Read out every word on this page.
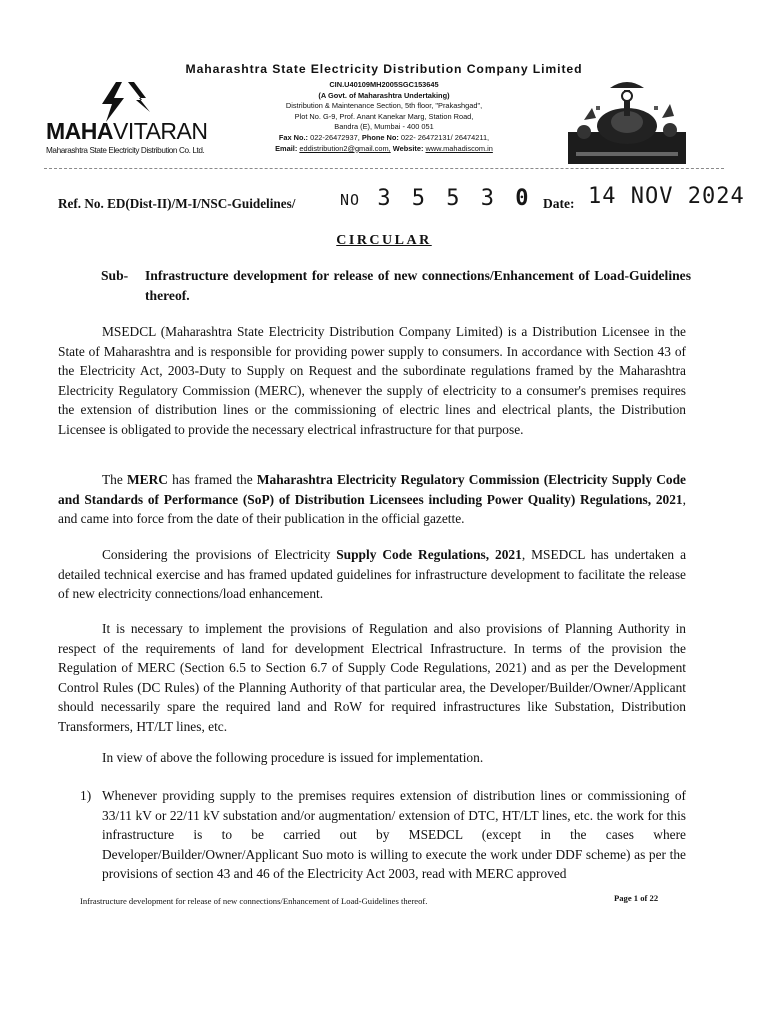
MAHAVITARAN
Maharashtra State Electricity Distribution Co. Ltd.
Maharashtra State Electricity Distribution Company Limited
CIN.U40109MH2005SGC153645
(A Govt. of Maharashtra Undertaking)
Distribution & Maintenance Section, 5th floor, "Prakashgad",
Plot No. G-9, Prof. Anant Kanekar Marg, Station Road,
Bandra (E), Mumbai - 400 051
Fax No.: 022-26472937, Phone No: 022- 26472131/ 26474211,
Email: eddistribution2@gmail.com, Website: www.mahadiscom.in
Ref. No. ED(Dist-II)/M-I/NSC-Guidelines/	NO 3 5 5 3 0 Date: 14 NOV 2024
CIRCULAR
Sub- Infrastructure development for release of new connections/Enhancement of Load-Guidelines thereof.
MSEDCL (Maharashtra State Electricity Distribution Company Limited) is a Distribution Licensee in the State of Maharashtra and is responsible for providing power supply to consumers. In accordance with Section 43 of the Electricity Act, 2003-Duty to Supply on Request and the subordinate regulations framed by the Maharashtra Electricity Regulatory Commission (MERC), whenever the supply of electricity to a consumer's premises requires the extension of distribution lines or the commissioning of electric lines and electrical plants, the Distribution Licensee is obligated to provide the necessary electrical infrastructure for that purpose.
The MERC has framed the Maharashtra Electricity Regulatory Commission (Electricity Supply Code and Standards of Performance (SoP) of Distribution Licensees including Power Quality) Regulations, 2021, and came into force from the date of their publication in the official gazette.
Considering the provisions of Electricity Supply Code Regulations, 2021, MSEDCL has undertaken a detailed technical exercise and has framed updated guidelines for infrastructure development to facilitate the release of new electricity connections/load enhancement.
It is necessary to implement the provisions of Regulation and also provisions of Planning Authority in respect of the requirements of land for development Electrical Infrastructure. In terms of the provision the Regulation of MERC (Section 6.5 to Section 6.7 of Supply Code Regulations, 2021) and as per the Development Control Rules (DC Rules) of the Planning Authority of that particular area, the Developer/Builder/Owner/Applicant should necessarily spare the required land and RoW for required infrastructures like Substation, Distribution Transformers, HT/LT lines, etc.
In view of above the following procedure is issued for implementation.
1) Whenever providing supply to the premises requires extension of distribution lines or commissioning of 33/11 kV or 22/11 kV substation and/or augmentation/ extension of DTC, HT/LT lines, etc. the work for this infrastructure is to be carried out by MSEDCL (except in the cases where Developer/Builder/Owner/Applicant Suo moto is willing to execute the work under DDF scheme) as per the provisions of section 43 and 46 of the Electricity Act 2003, read with MERC approved
Infrastructure development for release of new connections/Enhancement of Load-Guidelines thereof.	Page 1 of 22
